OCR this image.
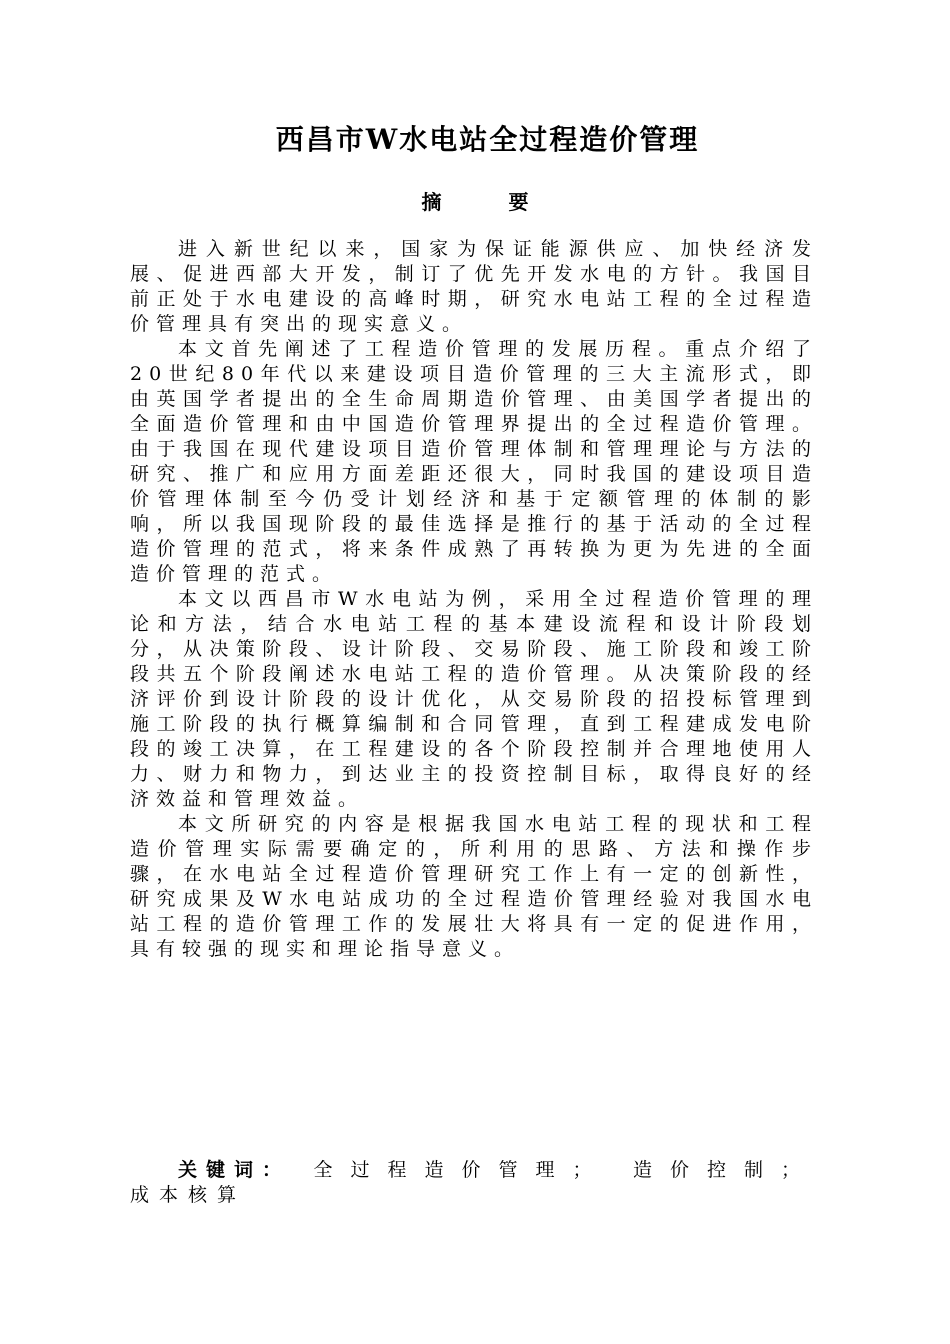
西昌市W水电站全过程造价管理
摘 要

进入新世纪以来，国家为保证能源供应、加快经济发展、促进西部大开发，制订了优先开发水电的方针。我国目前正处于水电建设的高峰时期，研究水电站工程的全过程造价管理具有突出的现实意义。

本文首先阐述了工程造价管理的发展历程。重点介绍了20世纪80年代以来建设项目造价管理的三大主流形式，即由英国学者提出的全生命周期造价管理、由美国学者提出的全面造价管理和由中国造价管理界提出的全过程造价管理。由于我国在现代建设项目造价管理体制和管理理论与方法的研究、推广和应用方面差距还很大，同时我国的建设项目造价管理体制至今仍受计划经济和基于定额管理的体制的影响，所以我国现阶段的最佳选择是推行的基于活动的全过程造价管理的范式，将来条件成熟了再转换为更为先进的全面造价管理的范式。

本文以西昌市W水电站为例，采用全过程造价管理的理论和方法，结合水电站工程的基本建设流程和设计阶段划分，从决策阶段、设计阶段、交易阶段、施工阶段和竣工阶段共五个阶段阐述水电站工程的造价管理。从决策阶段的经济评价到设计阶段的设计优化，从交易阶段的招投标管理到施工阶段的执行概算编制和合同管理，直到工程建成发电阶段的竣工决算，在工程建设的各个阶段控制并合理地使用人力、财力和物力，到达业主的投资控制目标，取得良好的经济效益和管理效益。

本文所研究的内容是根据我国水电站工程的现状和工程造价管理实际需要确定的，所利用的思路、方法和操作步骤，在水电站全过程造价管理研究工作上有一定的创新性，研究成果及W水电站成功的全过程造价管理经验对我国水电站工程的造价管理工作的发展壮大将具有一定的促进作用，具有较强的现实和理论指导意义。

关键词： 全过程造价管理； 造价控制；
成本核算
